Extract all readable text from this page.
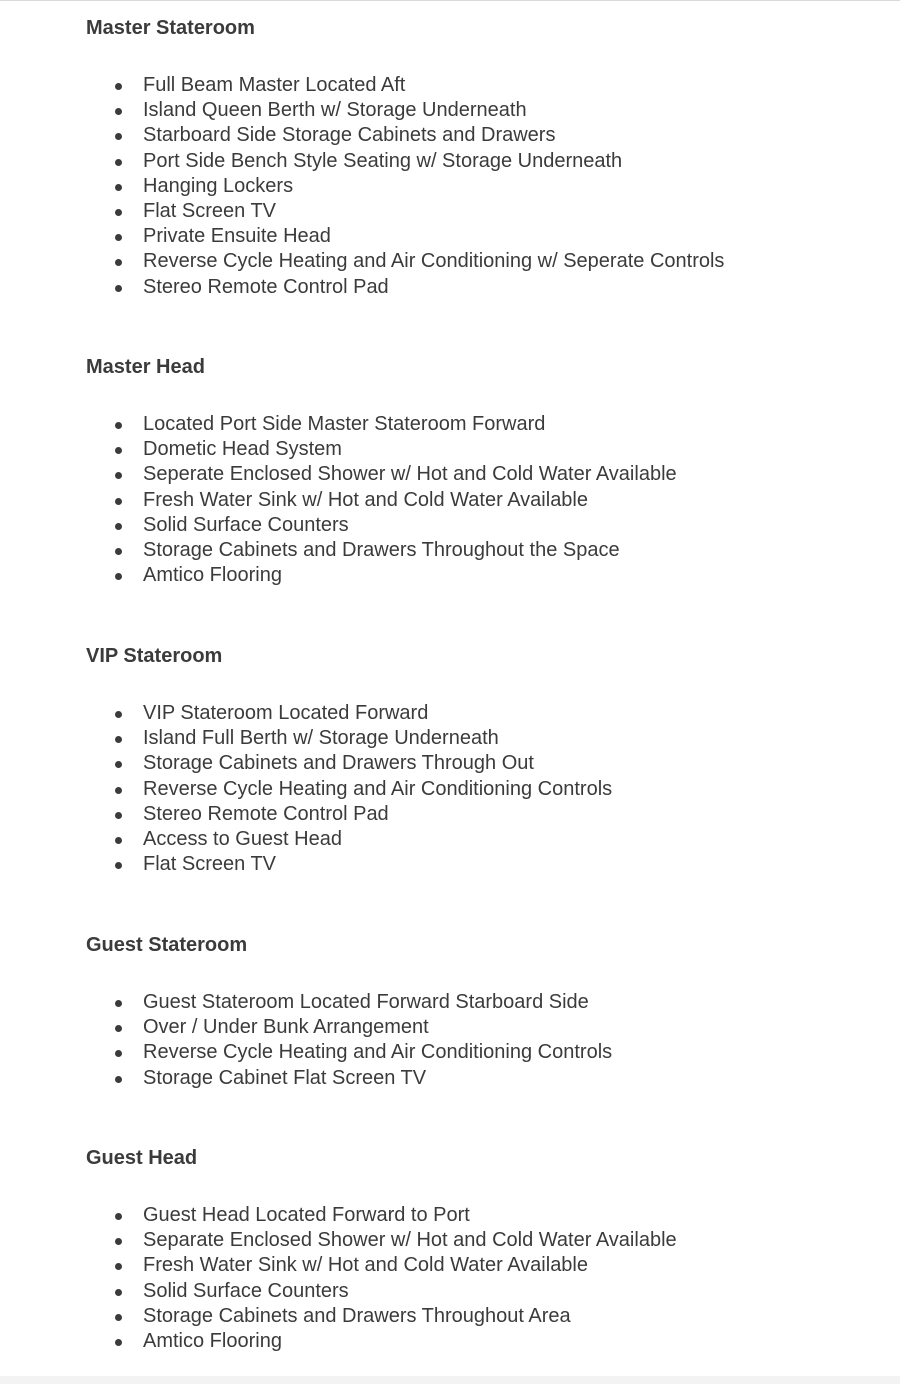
Master Stateroom
Full Beam Master Located Aft
Island Queen Berth w/ Storage Underneath
Starboard Side Storage Cabinets and Drawers
Port Side Bench Style Seating w/ Storage Underneath
Hanging Lockers
Flat Screen TV
Private Ensuite Head
Reverse Cycle Heating and Air Conditioning w/ Seperate Controls
Stereo Remote Control Pad
Master Head
Located Port Side Master Stateroom Forward
Dometic Head System
Seperate Enclosed Shower w/ Hot and Cold Water Available
Fresh Water Sink w/ Hot and Cold Water Available
Solid Surface Counters
Storage Cabinets and Drawers Throughout the Space
Amtico Flooring
VIP Stateroom
VIP Stateroom Located Forward
Island Full Berth w/ Storage Underneath
Storage Cabinets and Drawers Through Out
Reverse Cycle Heating and Air Conditioning Controls
Stereo Remote Control Pad
Access to Guest Head
Flat Screen TV
Guest Stateroom
Guest Stateroom Located Forward Starboard Side
Over / Under Bunk Arrangement
Reverse Cycle Heating and Air Conditioning Controls
Storage Cabinet Flat Screen TV
Guest Head
Guest Head Located Forward to Port
Separate Enclosed Shower w/ Hot and Cold Water Available
Fresh Water Sink w/ Hot and Cold Water Available
Solid Surface Counters
Storage Cabinets and Drawers Throughout Area
Amtico Flooring
